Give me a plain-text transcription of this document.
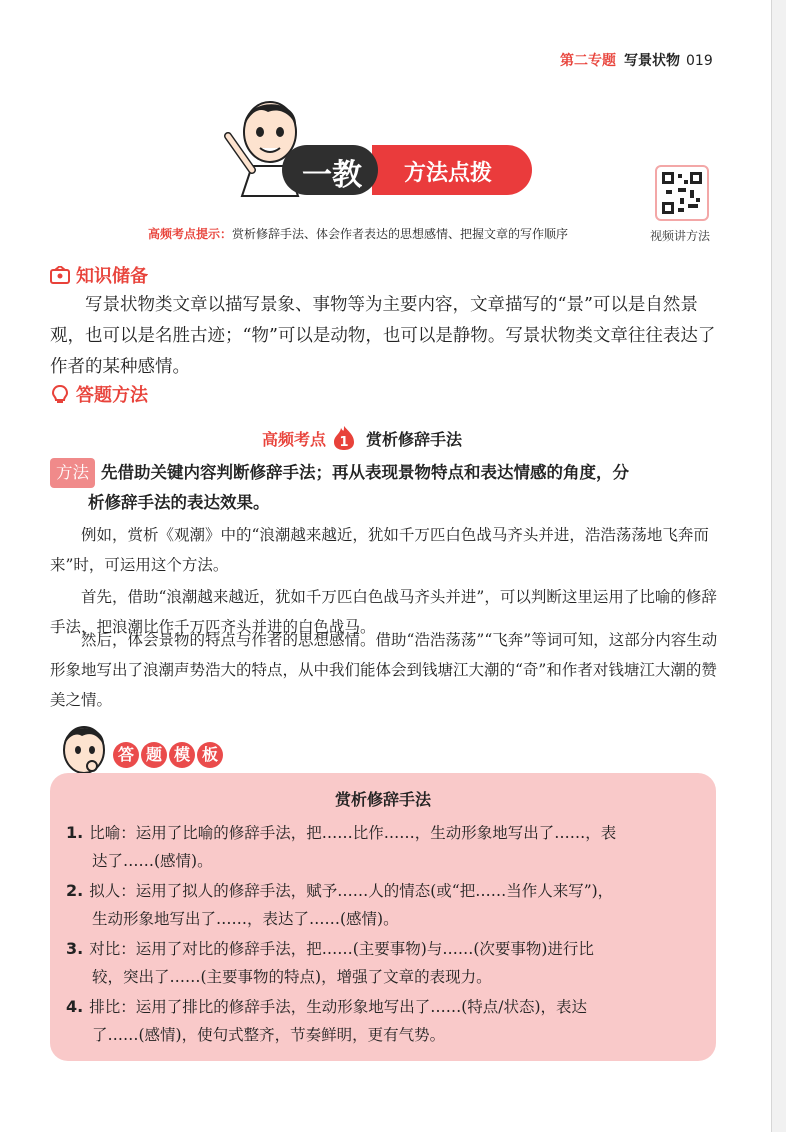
第二专题 写景状物 019
方法点拨
一教
视频讲方法
高频考点提示：赏析修辞手法、体会作者表达的思想感情、把握文章的写作顺序
知识储备
写景状物类文章以描写景象、事物等为主要内容，文章描写的“景”可以是自然景观，也可以是名胜古迹；“物”可以是动物，也可以是静物。写景状物类文章往往表达了作者的某种感情。
答题方法
高频考点 1 赏析修辞手法
方法 先借助关键内容判断修辞手法；再从表现景物特点和表达情感的角度，分
析修辞手法的表达效果。
例如，赏析《观潮》中的“浪潮越来越近，犹如千万匹白色战马齐头并进，浩浩荡荡地飞奔而来”时，可运用这个方法。
首先，借助“浪潮越来越近，犹如千万匹白色战马齐头并进”，可以判断这里运用了比喻的修辞手法，把浪潮比作千万匹齐头并进的白色战马。
然后，体会景物的特点与作者的思想感情。借助“浩浩荡荡”“飞奔”等词可知，这部分内容生动形象地写出了浪潮声势浩大的特点，从中我们能体会到钱塘江大潮的“奇”和作者对钱塘江大潮的赞美之情。
答 题 模 板
赏析修辞手法
1. 比喻：运用了比喻的修辞手法，把……比作……，生动形象地写出了……，表
达了……(感情)。
2. 拟人：运用了拟人的修辞手法，赋予……人的情态(或“把……当作人来写”)，
生动形象地写出了……，表达了……(感情)。
3. 对比：运用了对比的修辞手法，把……(主要事物)与……(次要事物)进行比
较，突出了……(主要事物的特点)，增强了文章的表现力。
4. 排比：运用了排比的修辞手法，生动形象地写出了……(特点/状态)，表达
了……(感情)，使句式整齐，节奏鲜明，更有气势。
